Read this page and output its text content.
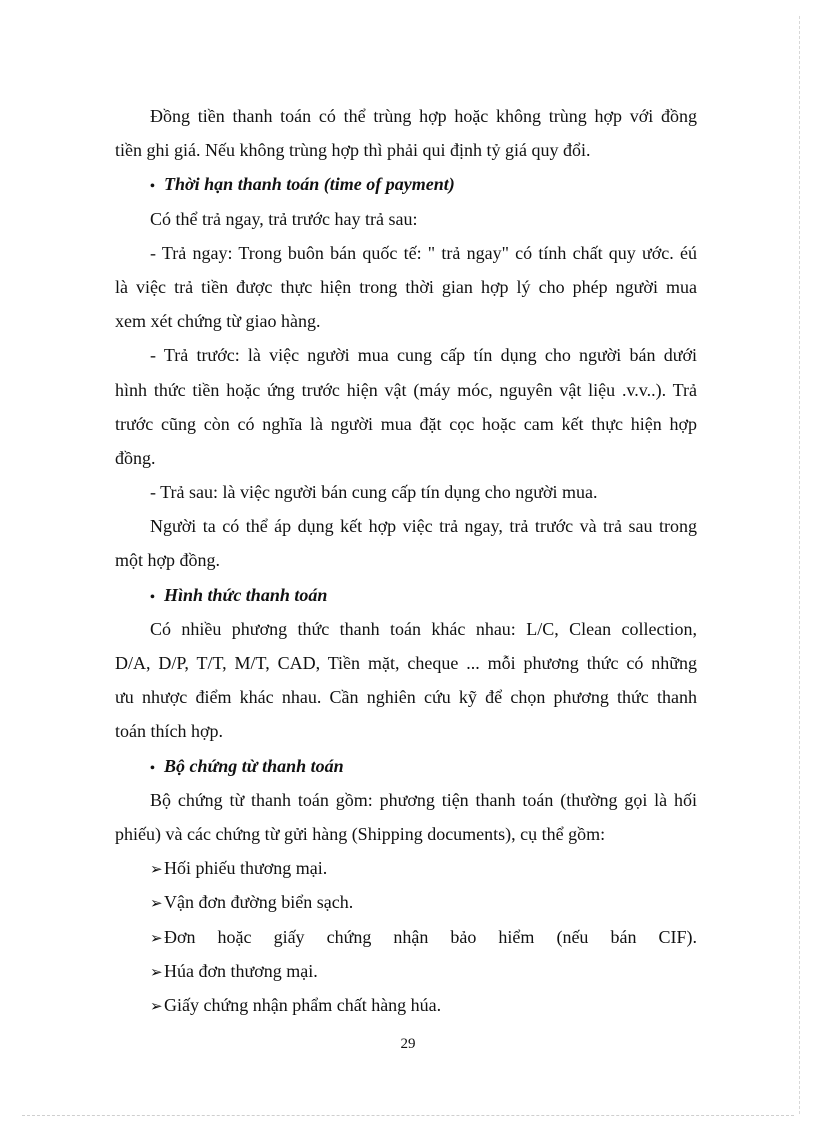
Đồng tiền thanh toán có thể trùng hợp hoặc không trùng hợp với đồng
tiền ghi giá. Nếu không trùng hợp thì phải qui định tỷ giá quy đổi.
• Thời hạn thanh toán (time of payment)
Có thể trả ngay, trả trước hay trả sau:
- Trả ngay: Trong buôn bán quốc tế: " trả ngay" có tính chất quy ước. éú
là việc trả tiền được thực hiện trong thời gian hợp lý cho phép người mua
xem xét chứng từ giao hàng.
- Trả trước: là việc người mua cung cấp tín dụng cho người bán dưới
hình thức tiền hoặc ứng trước hiện vật (máy móc, nguyên vật liệu .v.v..). Trả
trước cũng còn có nghĩa là người mua đặt cọc hoặc cam kết thực hiện hợp
đồng.
- Trả sau: là việc người bán cung cấp tín dụng cho người mua.
Người ta có thể áp dụng kết hợp việc trả ngay, trả trước và trả sau trong
một hợp đồng.
• Hình thức thanh toán
Có nhiều phương thức thanh toán khác nhau: L/C, Clean collection,
D/A, D/P, T/T, M/T, CAD, Tiền mặt, cheque ... mỗi phương thức có những
ưu nhược điểm khác nhau. Cần nghiên cứu kỹ để chọn phương thức thanh
toán thích hợp.
• Bộ chứng từ thanh toán
Bộ chứng từ thanh toán gồm: phương tiện thanh toán (thường gọi là hối
phiếu) và các chứng từ gửi hàng (Shipping documents), cụ thể gồm:
➢Hối phiếu thương mại.
➢Vận đơn đường biển sạch.
➢Đơn hoặc giấy chứng nhận bảo hiểm (nếu bán CIF).
➢Húa đơn thương mại.
➢Giấy chứng nhận phẩm chất hàng húa.
29
